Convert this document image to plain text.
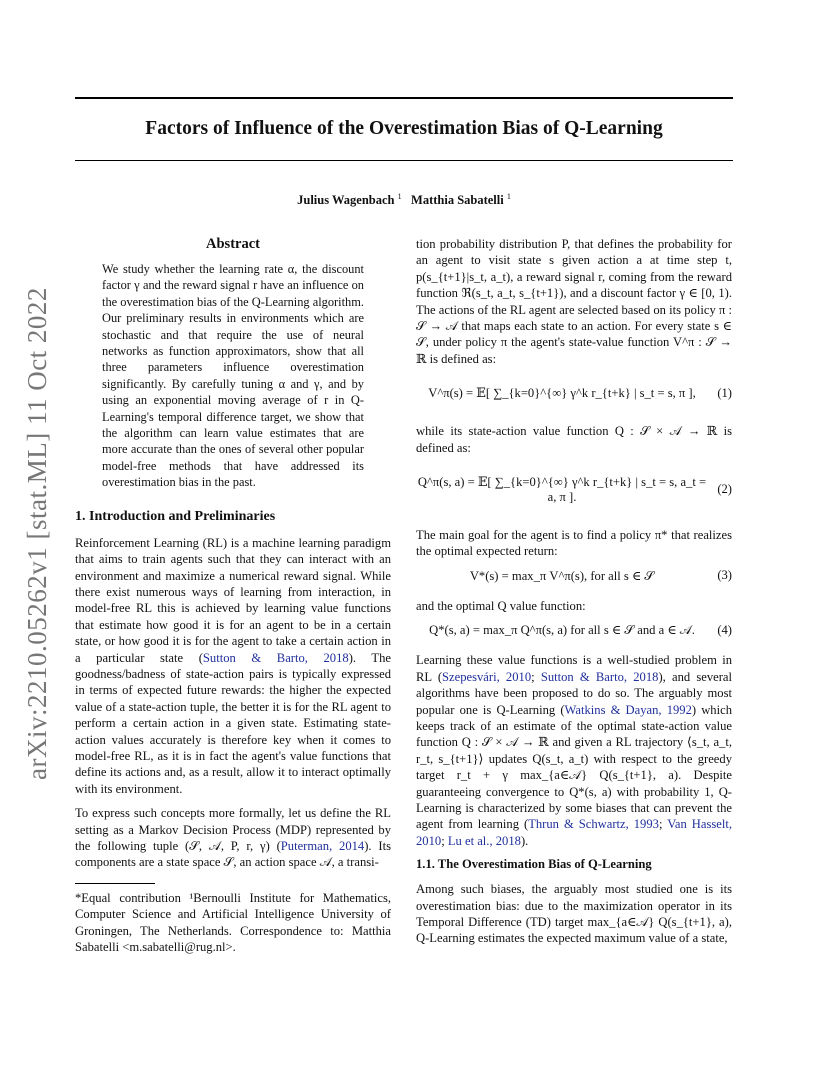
Factors of Influence of the Overestimation Bias of Q-Learning
Julius Wagenbach $^1$ Matthia Sabatelli $^1$
arXiv:2210.05262v1 [stat.ML] 11 Oct 2022
Abstract

We study whether the learning rate α, the discount factor γ and the reward signal r have an influence on the overestimation bias of the Q-Learning algorithm. Our preliminary results in environments which are stochastic and that require the use of neural networks as function approximators, show that all three parameters influence overestimation significantly. By carefully tuning α and γ, and by using an exponential moving average of r in Q-Learning's temporal difference target, we show that the algorithm can learn value estimates that are more accurate than the ones of several other popular model-free methods that have addressed its overestimation bias in the past.

1. Introduction and Preliminaries

Reinforcement Learning (RL) is a machine learning paradigm that aims to train agents such that they can interact with an environment and maximize a numerical reward signal. While there exist numerous ways of learning from interaction, in model-free RL this is achieved by learning value functions that estimate how good it is for an agent to be in a certain state, or how good it is for the agent to take a certain action in a particular state (Sutton & Barto, 2018). The goodness/badness of state-action pairs is typically expressed in terms of expected future rewards: the higher the expected value of a state-action tuple, the better it is for the RL agent to perform a certain action in a given state. Estimating state-action values accurately is therefore key when it comes to model-free RL, as it is in fact the agent's value functions that define its actions and, as a result, allow it to interact optimally with its environment.

To express such concepts more formally, let us define the RL setting as a Markov Decision Process (MDP) represented by the following tuple (𝒮, 𝒜, P, r, γ) (Puterman, 2014). Its components are a state space 𝒮, an action space 𝒜, a transi-

*Equal contribution ¹Bernoulli Institute for Mathematics, Computer Science and Artificial Intelligence University of Groningen, The Netherlands. Correspondence to: Matthia Sabatelli <m.sabatelli@rug.nl>.

tion probability distribution P, that defines the probability for an agent to visit state s given action a at time step t, p(s_{t+1}|s_t, a_t), a reward signal r, coming from the reward function ℜ(s_t, a_t, s_{t+1}), and a discount factor γ ∈ [0, 1). The actions of the RL agent are selected based on its policy π : 𝒮 → 𝒜 that maps each state to an action. For every state s ∈ 𝒮, under policy π the agent's state-value function V^π : 𝒮 → ℝ is defined as:

V^π(s) = 𝔼[ ∑_{k=0}^{∞} γ^k r_{t+k} | s_t = s, π ],	(1)

while its state-action value function Q : 𝒮 × 𝒜 → ℝ is defined as:

Q^π(s, a) = 𝔼[ ∑_{k=0}^{∞} γ^k r_{t+k} | s_t = s, a_t = a, π ].
(2)

The main goal for the agent is to find a policy π* that realizes the optimal expected return:

V*(s) = max_π V^π(s), for all s ∈ 𝒮	(3)

and the optimal Q value function:

Q*(s, a) = max_π Q^π(s, a) for all s ∈ 𝒮 and a ∈ 𝒜.	(4)

Learning these value functions is a well-studied problem in RL (Szepesvári, 2010; Sutton & Barto, 2018), and several algorithms have been proposed to do so. The arguably most popular one is Q-Learning (Watkins & Dayan, 1992) which keeps track of an estimate of the optimal state-action value function Q : 𝒮 × 𝒜 → ℝ and given a RL trajectory ⟨s_t, a_t, r_t, s_{t+1}⟩ updates Q(s_t, a_t) with respect to the greedy target r_t + γ max_{a∈𝒜} Q(s_{t+1}, a). Despite guaranteeing convergence to Q*(s, a) with probability 1, Q-Learning is characterized by some biases that can prevent the agent from learning (Thrun & Schwartz, 1993; Van Hasselt, 2010; Lu et al., 2018).

1.1. The Overestimation Bias of Q-Learning

Among such biases, the arguably most studied one is its overestimation bias: due to the maximization operator in its Temporal Difference (TD) target max_{a∈𝒜} Q(s_{t+1}, a), Q-Learning estimates the expected maximum value of a state,
